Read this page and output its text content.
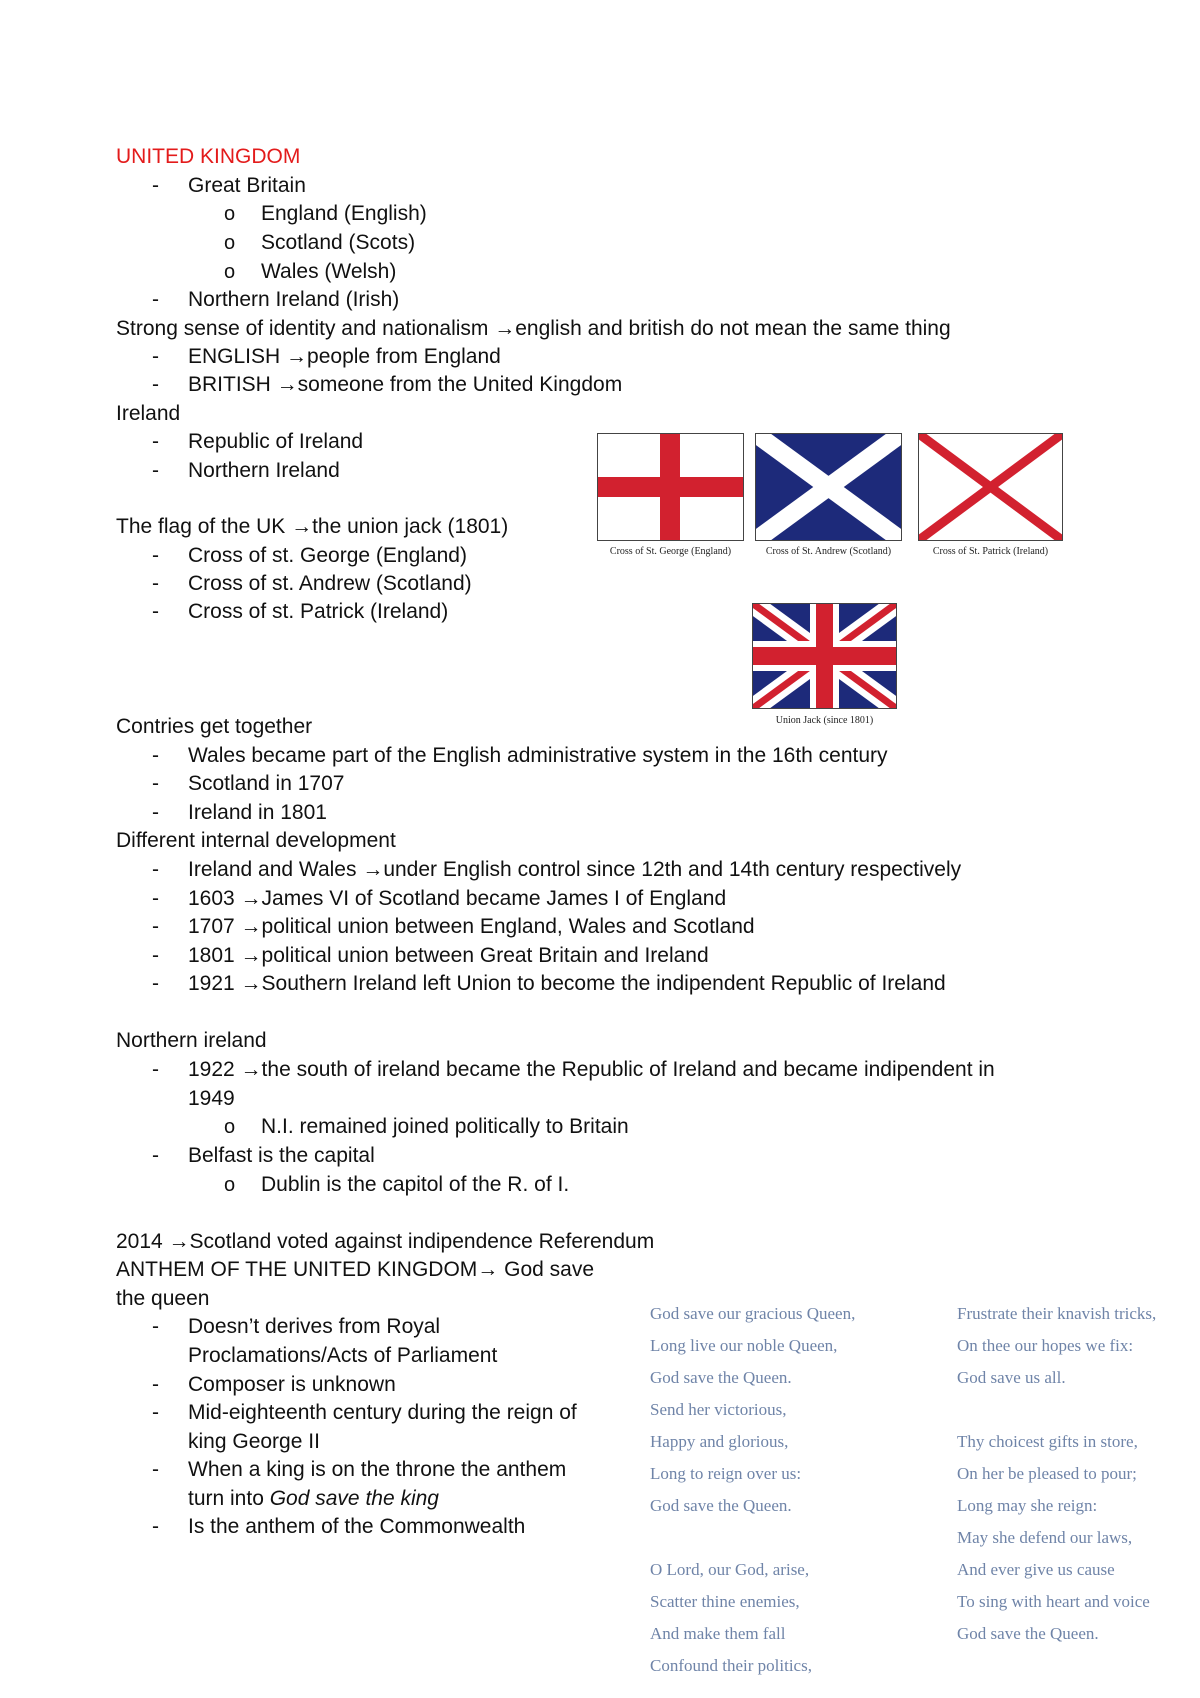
UNITED KINGDOM
- Great Britain
o England (English)
o Scotland (Scots)
o Wales (Welsh)
- Northern Ireland (Irish)
Strong sense of identity and nationalism →english and british do not mean the same thing
- ENGLISH →people from England
- BRITISH →someone from the United Kingdom
Ireland
- Republic of Ireland
- Northern Ireland
The flag of the UK →the union jack (1801)
- Cross of st. George (England)
- Cross of st. Andrew (Scotland)
- Cross of st. Patrick (Ireland)
Cross of St. George (England)	Cross of St. Andrew (Scotland)	Cross of St. Patrick (Ireland)
Union Jack (since 1801)
Contries get together
- Wales became part of the English administrative system in the 16th century
- Scotland in 1707
- Ireland in 1801
Different internal development
- Ireland and Wales →under English control since 12th and 14th century respectively
- 1603 →James VI of Scotland became James I of England
- 1707 →political union between England, Wales and Scotland
- 1801 →political union between Great Britain and Ireland
- 1921 →Southern Ireland left Union to become the indipendent Republic of Ireland
Northern ireland
- 1922 →the south of ireland became the Republic of Ireland and became indipendent in
1949
o N.I. remained joined politically to Britain
- Belfast is the capital
o Dublin is the capitol of the R. of I.
2014 →Scotland voted against indipendence Referendum
ANTHEM OF THE UNITED KINGDOM→ God save
the queen
- Doesn’t derives from Royal
Proclamations/Acts of Parliament
- Composer is unknown
- Mid-eighteenth century during the reign of
king George II
- When a king is on the throne the anthem
turn into God save the king
- Is the anthem of the Commonwealth
God save our gracious Queen,
Long live our noble Queen,
God save the Queen.
Send her victorious,
Happy and glorious,
Long to reign over us:
God save the Queen.
O Lord, our God, arise,
Scatter thine enemies,
And make them fall
Confound their politics,
Frustrate their knavish tricks,
On thee our hopes we fix:
God save us all.
Thy choicest gifts in store,
On her be pleased to pour;
Long may she reign:
May she defend our laws,
And ever give us cause
To sing with heart and voice
God save the Queen.
